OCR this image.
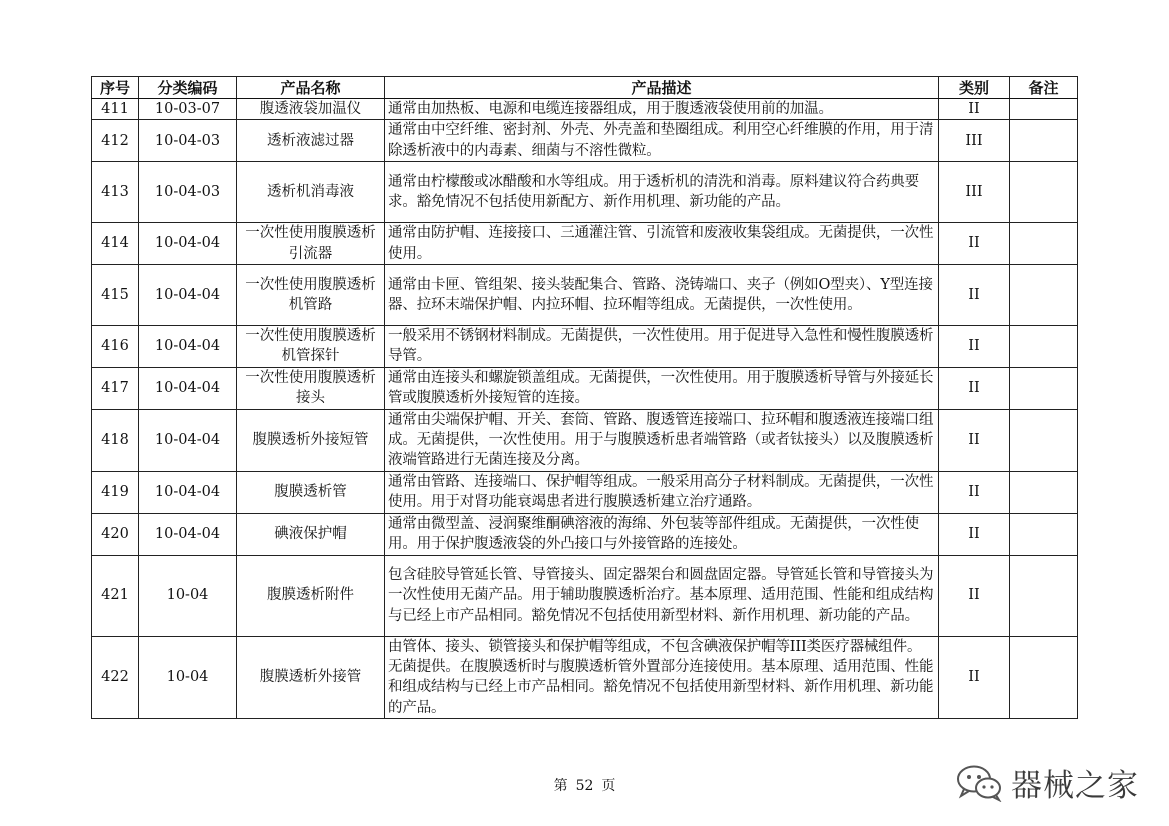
序号	分类编码	产品名称	产品描述	类别	备注
411	10-03-07	腹透液袋加温仪	通常由加热板、电源和电缆连接器组成，用于腹透液袋使用前的加温。	II	
412	10-04-03	透析液滤过器	通常由中空纤维、密封剂、外壳、外壳盖和垫圈组成。利用空心纤维膜的作用，用于清除透析液中的内毒素、细菌与不溶性微粒。	III	
413	10-04-03	透析机消毒液	通常由柠檬酸或冰醋酸和水等组成。用于透析机的清洗和消毒。原料建议符合药典要求。豁免情况不包括使用新配方、新作用机理、新功能的产品。	III	
414	10-04-04	一次性使用腹膜透析引流器	通常由防护帽、连接接口、三通灌注管、引流管和废液收集袋组成。无菌提供，一次性使用。	II	
415	10-04-04	一次性使用腹膜透析机管路	通常由卡匣、管组架、接头装配集合、管路、浇铸端口、夹子（例如O型夹）、Y型连接器、拉环末端保护帽、内拉环帽、拉环帽等组成。无菌提供，一次性使用。	II	
416	10-04-04	一次性使用腹膜透析机管探针	一般采用不锈钢材料制成。无菌提供，一次性使用。用于促进导入急性和慢性腹膜透析导管。	II	
417	10-04-04	一次性使用腹膜透析接头	通常由连接头和螺旋锁盖组成。无菌提供，一次性使用。用于腹膜透析导管与外接延长管或腹膜透析外接短管的连接。	II	
418	10-04-04	腹膜透析外接短管	通常由尖端保护帽、开关、套筒、管路、腹透管连接端口、拉环帽和腹透液连接端口组成。无菌提供，一次性使用。用于与腹膜透析患者端管路（或者钛接头）以及腹膜透析液端管路进行无菌连接及分离。	II	
419	10-04-04	腹膜透析管	通常由管路、连接端口、保护帽等组成。一般采用高分子材料制成。无菌提供，一次性使用。用于对肾功能衰竭患者进行腹膜透析建立治疗通路。	II	
420	10-04-04	碘液保护帽	通常由微型盖、浸润聚维酮碘溶液的海绵、外包装等部件组成。无菌提供，一次性使用。用于保护腹透液袋的外凸接口与外接管路的连接处。	II	
421	10-04	腹膜透析附件	包含硅胶导管延长管、导管接头、固定器架台和圆盘固定器。导管延长管和导管接头为一次性使用无菌产品。用于辅助腹膜透析治疗。基本原理、适用范围、性能和组成结构与已经上市产品相同。豁免情况不包括使用新型材料、新作用机理、新功能的产品。	II	
422	10-04	腹膜透析外接管	由管体、接头、锁管接头和保护帽等组成，不包含碘液保护帽等III类医疗器械组件。无菌提供。在腹膜透析时与腹膜透析管外置部分连接使用。基本原理、适用范围、性能和组成结构与已经上市产品相同。豁免情况不包括使用新型材料、新作用机理、新功能的产品。	II	
第 52 页	器械之家
